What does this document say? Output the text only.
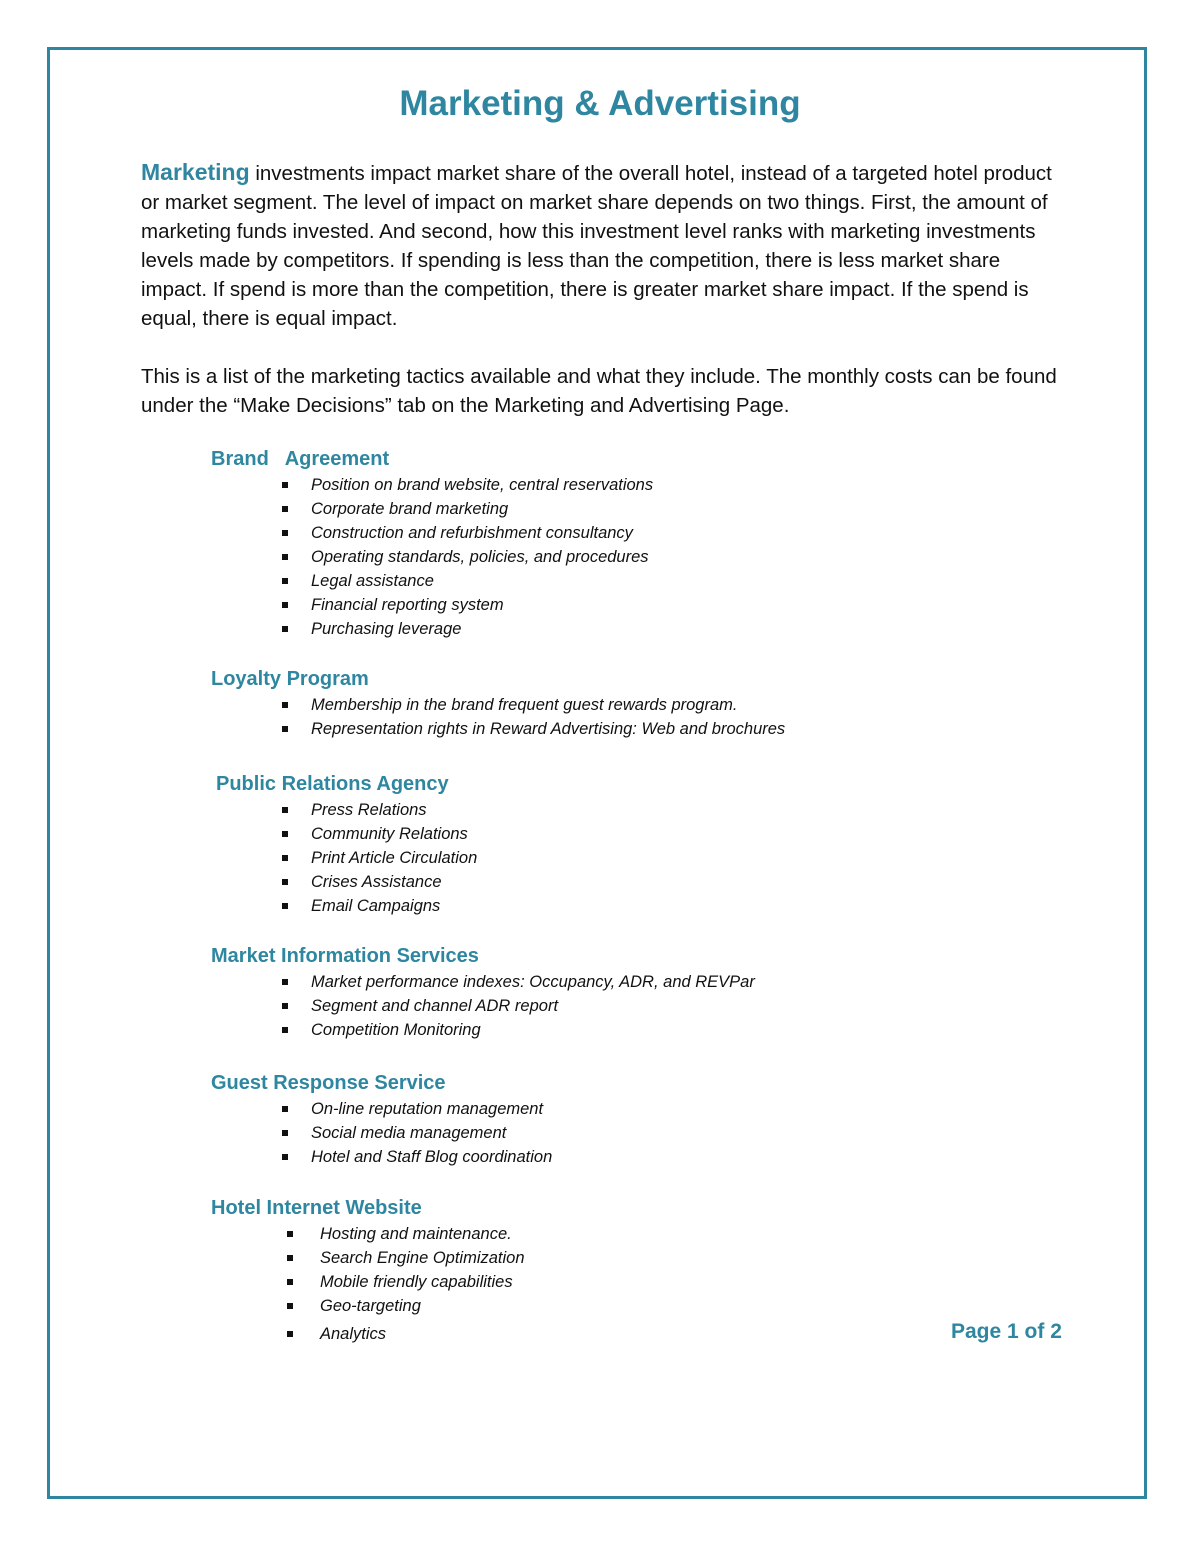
Marketing & Advertising

Marketing investments impact market share of the overall hotel, instead of a targeted hotel product or market segment. The level of impact on market share depends on two things. First, the amount of marketing funds invested. And second, how this investment level ranks with marketing investments levels made by competitors. If spending is less than the competition, there is less market share impact. If spend is more than the competition, there is greater market share impact. If the spend is equal, there is equal impact.

This is a list of the marketing tactics available and what they include. The monthly costs can be found under the “Make Decisions” tab on the Marketing and Advertising Page.

Brand   Agreement
Position on brand website, central reservations
Corporate brand marketing
Construction and refurbishment consultancy
Operating standards, policies, and procedures
Legal assistance
Financial reporting system
Purchasing leverage
Loyalty Program
Membership in the brand frequent guest rewards program.
Representation rights in Reward Advertising: Web and brochures
Public Relations Agency
Press Relations
Community Relations
Print Article Circulation
Crises Assistance
Email Campaigns
Market Information Services
Market performance indexes: Occupancy, ADR, and REVPar
Segment and channel ADR report
Competition Monitoring
Guest Response Service
On-line reputation management
Social media management
Hotel and Staff Blog coordination
Hotel Internet Website
Hosting and maintenance.
Search Engine Optimization
Mobile friendly capabilities
Geo-targeting
Analytics	Page 1 of 2
